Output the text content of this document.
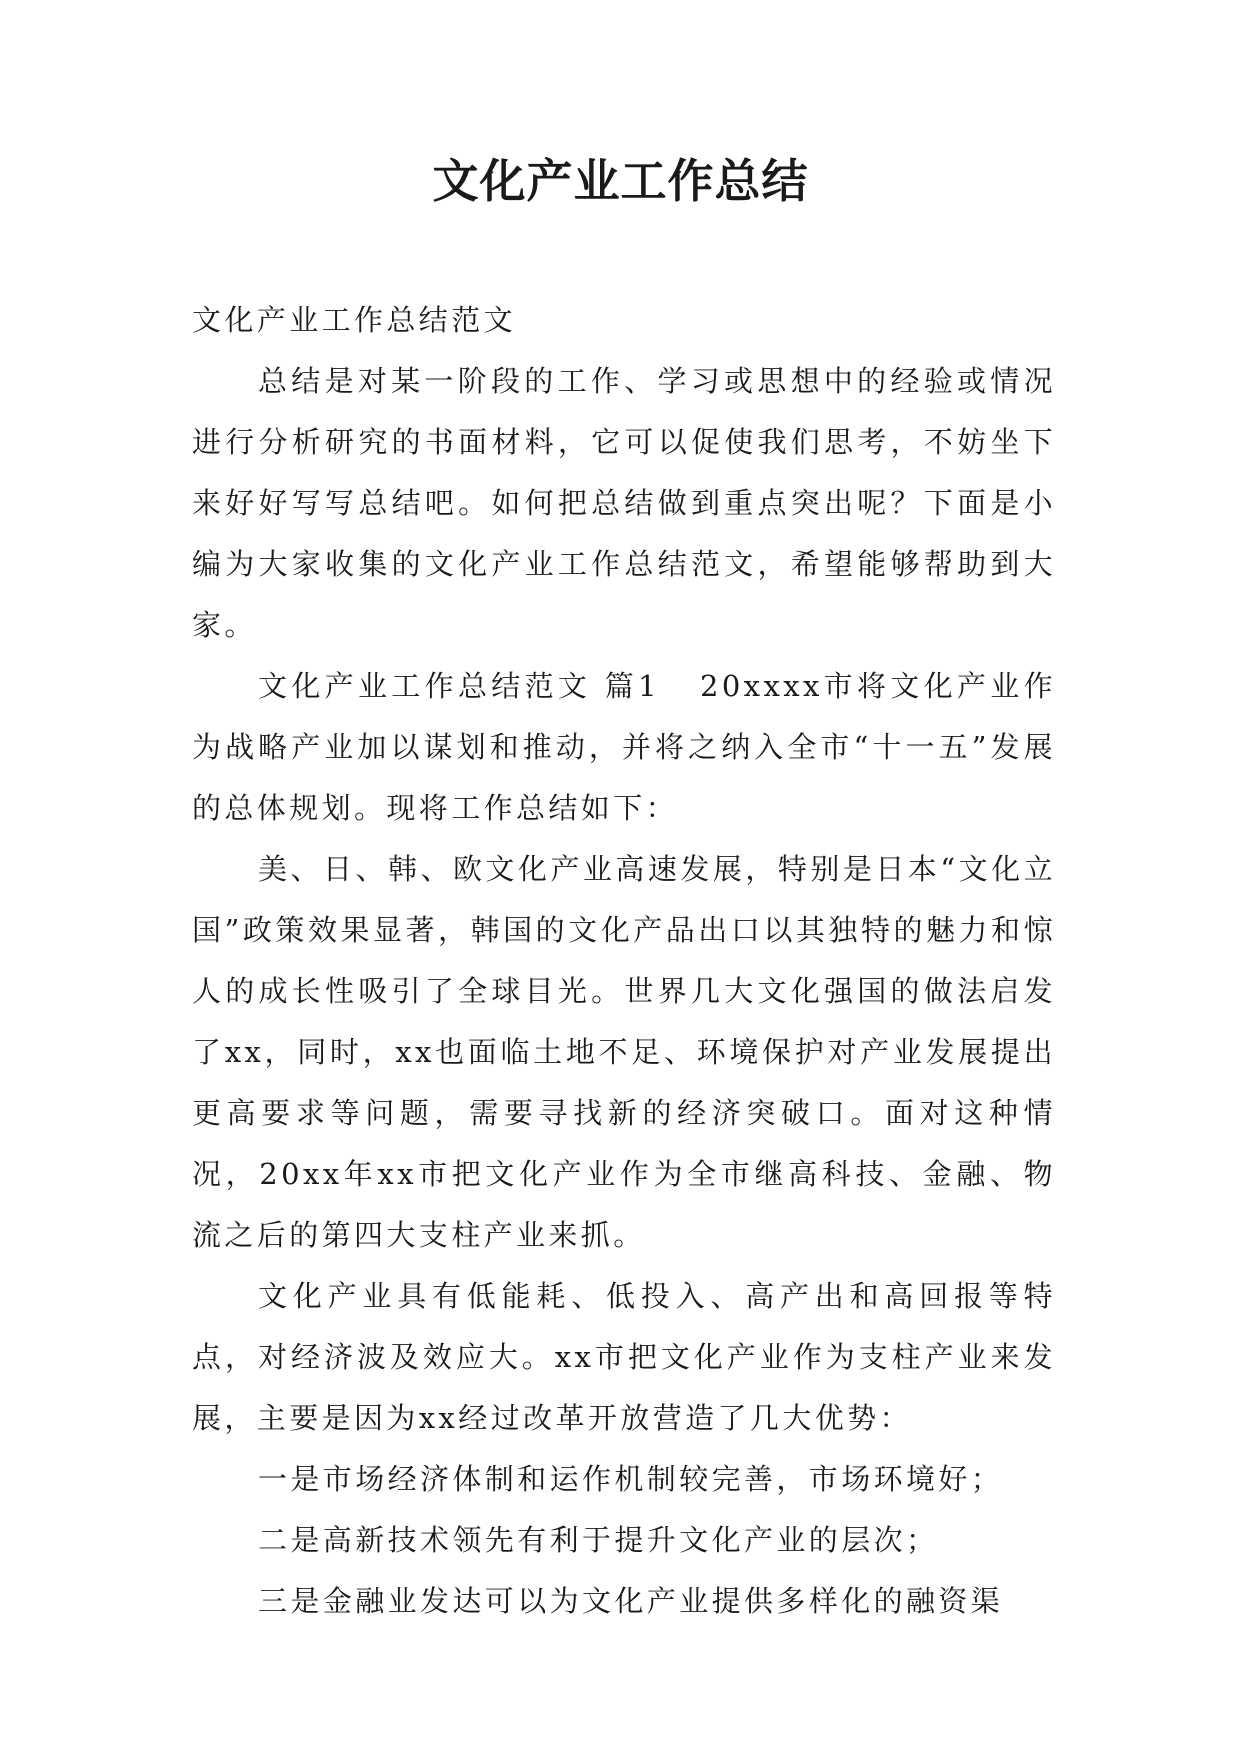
文化产业工作总结

文化产业工作总结范文

总结是对某一阶段的工作、学习或思想中的经验或情况进行分析研究的书面材料，它可以促使我们思考，不妨坐下来好好写写总结吧。如何把总结做到重点突出呢？下面是小编为大家收集的文化产业工作总结范文，希望能够帮助到大家。

文化产业工作总结范文 篇1 20xxxx市将文化产业作为战略产业加以谋划和推动，并将之纳入全市“十一五”发展的总体规划。现将工作总结如下：

美、日、韩、欧文化产业高速发展，特别是日本“文化立国”政策效果显著，韩国的文化产品出口以其独特的魅力和惊人的成长性吸引了全球目光。世界几大文化强国的做法启发了xx，同时，xx也面临土地不足、环境保护对产业发展提出更高要求等问题，需要寻找新的经济突破口。面对这种情况，20xx年xx市把文化产业作为全市继高科技、金融、物流之后的第四大支柱产业来抓。

文化产业具有低能耗、低投入、高产出和高回报等特点，对经济波及效应大。xx市把文化产业作为支柱产业来发展，主要是因为xx经过改革开放营造了几大优势：

一是市场经济体制和运作机制较完善，市场环境好；

二是高新技术领先有利于提升文化产业的层次；

三是金融业发达可以为文化产业提供多样化的融资渠
